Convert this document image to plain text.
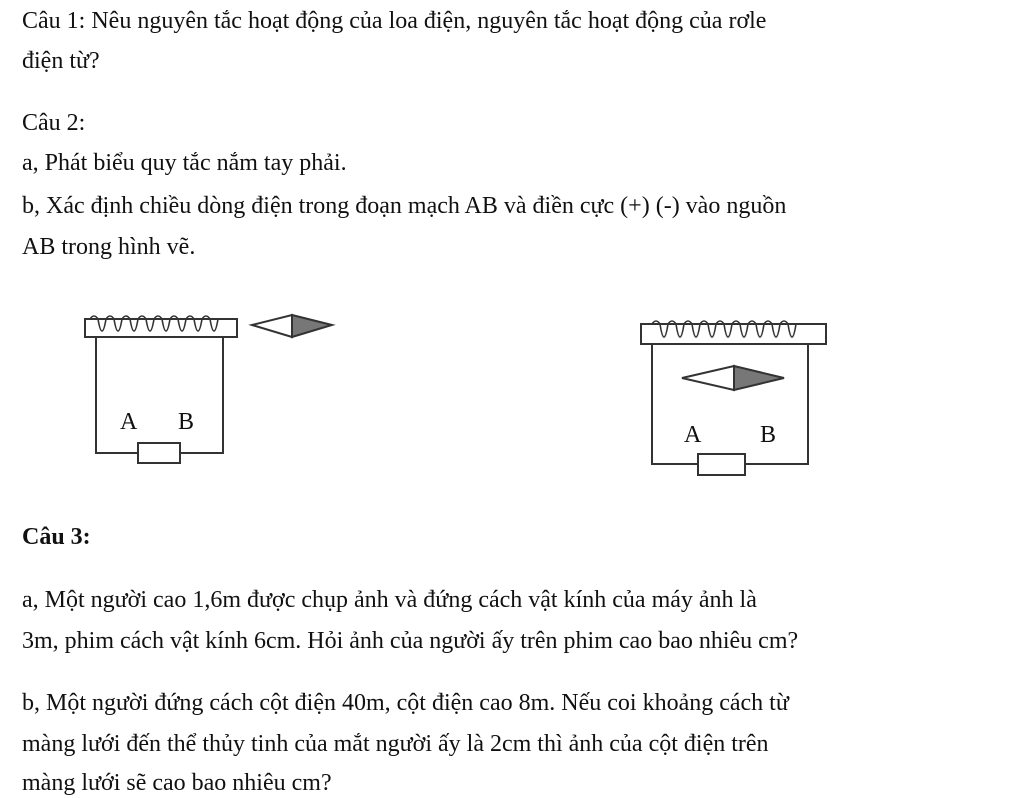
Câu 1: Nêu nguyên tắc hoạt động của loa điện, nguyên tắc hoạt động của rơle
điện từ?
Câu 2:
a, Phát biểu quy tắc nắm tay phải.
b, Xác định chiều dòng điện trong đoạn mạch AB và điền cực (+) (-) vào nguồn
AB trong hình vẽ.
A B	A B
Câu 3:
a, Một người cao 1,6m được chụp ảnh và đứng cách vật kính của máy ảnh là
3m, phim cách vật kính 6cm. Hỏi ảnh của người ấy trên phim cao bao nhiêu cm?
b, Một người đứng cách cột điện 40m, cột điện cao 8m. Nếu coi khoảng cách từ
màng lưới đến thể thủy tinh của mắt người ấy là 2cm thì ảnh của cột điện trên
màng lưới sẽ cao bao nhiêu cm?
